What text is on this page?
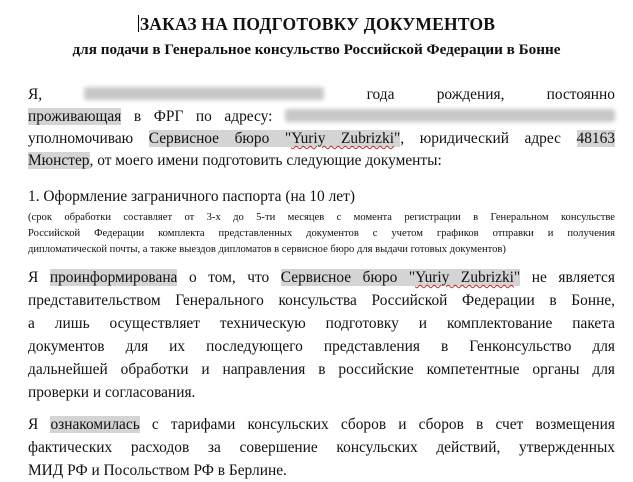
ЗАКАЗ НА ПОДГОТОВКУ ДОКУМЕНТОВ
для подачи в Генеральное консульство Российской Федерации в Бонне
Я,	года рождения, постоянно
проживающая в ФРГ по адресу:
уполномочиваю Сервисное бюро "Yuriy Zubrizki", юридический адрес 48163
Мюнстер, от моего имени подготовить следующие документы:
1. Оформление заграничного паспорта (на 10 лет)
(срок обработки составляет от 3-х до 5-ти месяцев с момента регистрации в Генеральном консульстве
Российской Федерации комплекта представленных документов с учетом графиков отправки и получения
дипломатической почты, а также выездов дипломатов в сервисное бюро для выдачи готовых документов)
Я проинформирована о том, что Сервисное бюро "Yuriy Zubrizki" не является
представительством Генерального консульства Российской Федерации в Бонне,
а лишь осуществляет техническую подготовку и комплектование пакета
документов для их последующего представления в Генконсульство для
дальнейшей обработки и направления в российские компетентные органы для
проверки и согласования.
Я ознакомилась с тарифами консульских сборов и сборов в счет возмещения
фактических расходов за совершение консульских действий, утвержденных
МИД РФ и Посольством РФ в Берлине.
